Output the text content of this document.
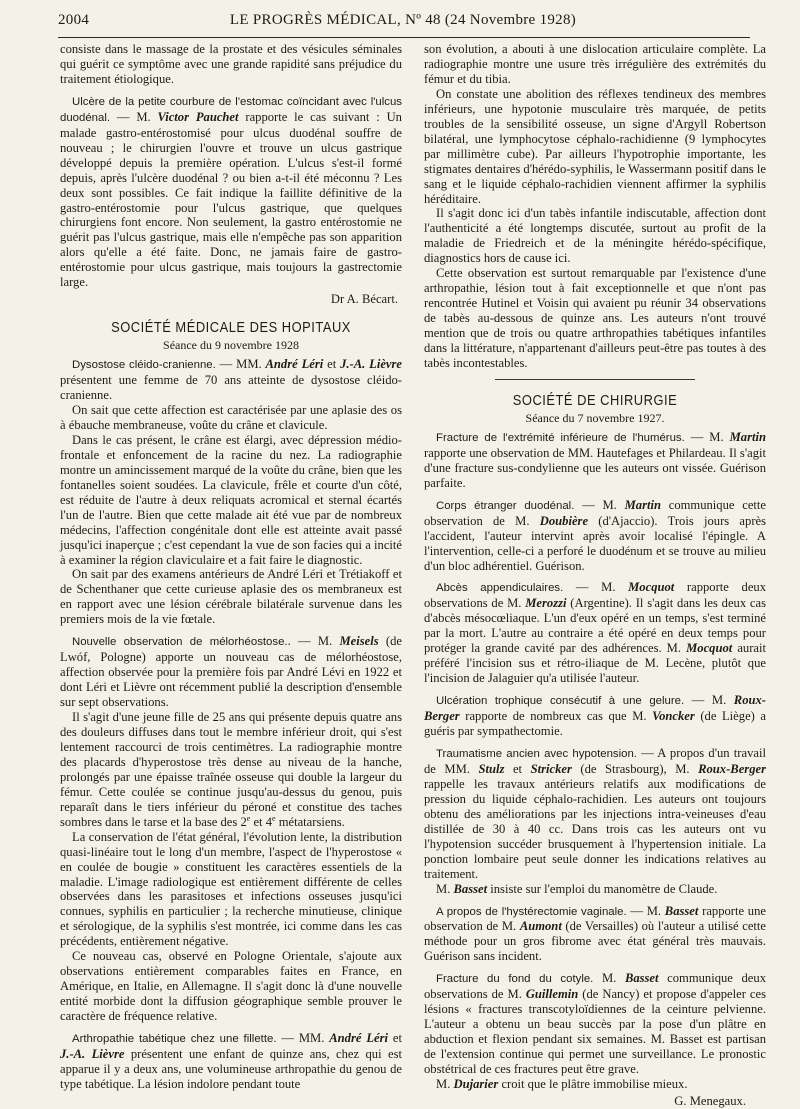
2004	LE PROGRÈS MÉDICAL, Nº 48 (24 Novembre 1928)

consiste dans le massage de la prostate et des vésicules séminales qui guérit ce symptôme avec une grande rapidité sans préjudice du traitement étiologique.

Ulcère de la petite courbure de l'estomac coïncidant avec l'ulcus duodénal. — M. Victor Pauchet rapporte le cas suivant : Un malade gastro-entérostomisé pour ulcus duodénal souffre de nouveau ; le chirurgien l'ouvre et trouve un ulcus gastrique développé depuis la première opération. L'ulcus s'est-il formé depuis, après l'ulcère duodénal ? ou bien a-t-il été méconnu ? Les deux sont possibles. Ce fait indique la faillite définitive de la gastro-entérostomie pour l'ulcus gastrique, que quelques chirurgiens font encore. Non seulement, la gastro entérostomie ne guérit pas l'ulcus gastrique, mais elle n'empêche pas son apparition alors qu'elle a été faite. Donc, ne jamais faire de gastro-entérostomie pour ulcus gastrique, mais toujours la gastrectomie large.

Dr A. Bécart.
SOCIÉTÉ MÉDICALE DES HOPITAUX
Séance du 9 novembre 1928

Dysostose cléido-cranienne. — MM. André Léri et J.-A. Lièvre présentent une femme de 70 ans atteinte de dysostose cléido-cranienne.

On sait que cette affection est caractérisée par une aplasie des os à ébauche membraneuse, voûte du crâne et clavicule.

Dans le cas présent, le crâne est élargi, avec dépression médio-frontale et enfoncement de la racine du nez. La radiographie montre un amincissement marqué de la voûte du crâne, bien que les fontanelles soient soudées. La clavicule, frêle et courte d'un côté, est réduite de l'autre à deux reliquats acromical et sternal écartés l'un de l'autre. Bien que cette malade ait été vue par de nombreux médecins, l'affection congénitale dont elle est atteinte avait passé jusqu'ici inaperçue ; c'est cependant la vue de son facies qui a incité à examiner la région claviculaire et a fait faire le diagnostic.

On sait par des examens antérieurs de André Léri et Trétiakoff et de Schenthaner que cette curieuse aplasie des os membraneux est en rapport avec une lésion cérébrale bilatérale survenue dans les premiers mois de la vie fœtale.

Nouvelle observation de mélorhéostose.. — M. Meisels (de Lwóf, Pologne) apporte un nouveau cas de mélorhéostose, affection observée pour la première fois par André Lévi en 1922 et dont Léri et Lièvre ont récemment publié la description d'ensemble sur sept observations.

Il s'agit d'une jeune fille de 25 ans qui présente depuis quatre ans des douleurs diffuses dans tout le membre inférieur droit, qui s'est lentement raccourci de trois centimètres. La radiographie montre des placards d'hyperostose très dense au niveau de la hanche, prolongés par une épaisse traînée osseuse qui double la largeur du fémur. Cette coulée se continue jusqu'au-dessus du genou, puis reparaît dans le tiers inférieur du péroné et constitue des taches sombres dans le tarse et la base des 2e et 4e métatarsiens.

La conservation de l'état général, l'évolution lente, la distribution quasi-linéaire tout le long d'un membre, l'aspect de l'hyperostose « en coulée de bougie » constituent les caractères essentiels de la maladie. L'image radiologique est entièrement différente de celles observées dans les parasitoses et infections osseuses jusqu'ici connues, syphilis en particulier ; la recherche minutieuse, clinique et sérologique, de la syphilis s'est montrée, ici comme dans les cas précédents, entièrement négative.

Ce nouveau cas, observé en Pologne Orientale, s'ajoute aux observations entièrement comparables faites en France, en Amérique, en Italie, en Allemagne. Il s'agit donc là d'une nouvelle entité morbide dont la diffusion géographique semble prouver le caractère de fréquence relative.

Arthropathie tabétique chez une fillette. — MM. André Léri et J.-A. Lièvre présentent une enfant de quinze ans, chez qui est apparue il y a deux ans, une volumineuse arthropathie du genou de type tabétique. La lésion indolore pendant toute

son évolution, a abouti à une dislocation articulaire complète. La radiographie montre une usure très irrégulière des extrémités du fémur et du tibia.

On constate une abolition des réflexes tendineux des membres inférieurs, une hypotonie musculaire très marquée, de petits troubles de la sensibilité osseuse, un signe d'Argyll Robertson bilatéral, une lymphocytose céphalo-rachidienne (9 lymphocytes par millimètre cube). Par ailleurs l'hypotrophie importante, les stigmates dentaires d'hérédo-syphilis, le Wassermann positif dans le sang et le liquide céphalo-rachidien viennent affirmer la syphilis héréditaire.

Il s'agit donc ici d'un tabès infantile indiscutable, affection dont l'authenticité a été longtemps discutée, surtout au profit de la maladie de Friedreich et de la méningite hérédo-spécifique, diagnostics hors de cause ici.

Cette observation est surtout remarquable par l'existence d'une arthropathie, lésion tout à fait exceptionnelle et que n'ont pas rencontrée Hutinel et Voisin qui avaient pu réunir 34 observations de tabès au-dessous de quinze ans. Les auteurs n'ont trouvé mention que de trois ou quatre arthropathies tabétiques infantiles dans la littérature, n'appartenant d'ailleurs peut-être pas toutes à des tabès incontestables.

SOCIÉTÉ DE CHIRURGIE
Séance du 7 novembre 1927.

Fracture de l'extrémité inférieure de l'humérus. — M. Martin rapporte une observation de MM. Hautefages et Philardeau. Il s'agit d'une fracture sus-condylienne que les auteurs ont vissée. Guérison parfaite.

Corps étranger duodénal. — M. Martin communique cette observation de M. Doubière (d'Ajaccio). Trois jours après l'accident, l'auteur intervint après avoir localisé l'épingle. A l'intervention, celle-ci a perforé le duodénum et se trouve au milieu d'un bloc adhérentiel. Guérison.

Abcès appendiculaires. — M. Mocquot rapporte deux observations de M. Merozzi (Argentine). Il s'agit dans les deux cas d'abcès mésocœliaque. L'un d'eux opéré en un temps, s'est terminé par la mort. L'autre au contraire a été opéré en deux temps pour protéger la grande cavité par des adhérences. M. Mocquot aurait préféré l'incision sus et rétro-iliaque de M. Lecène, plutôt que l'incision de Jalaguier qu'a utilisée l'auteur.

Ulcération trophique consécutif à une gelure. — M. Roux-Berger rapporte de nombreux cas que M. Voncker (de Liège) a guéris par sympathectomie.

Traumatisme ancien avec hypotension. — A propos d'un travail de MM. Stulz et Stricker (de Strasbourg), M. Roux-Berger rappelle les travaux antérieurs relatifs aux modifications de pression du liquide céphalo-rachidien. Les auteurs ont toujours obtenu des améliorations par les injections intra-veineuses d'eau distillée de 30 à 40 cc. Dans trois cas les auteurs ont vu l'hypotension succéder brusquement à l'hypertension initiale. La ponction lombaire peut seule donner les indications relatives au traitement.

M. Basset insiste sur l'emploi du manomètre de Claude.

A propos de l'hystérectomie vaginale. — M. Basset rapporte une observation de M. Aumont (de Versailles) où l'auteur a utilisé cette méthode pour un gros fibrome avec état général très mauvais. Guérison sans incident.

Fracture du fond du cotyle. M. Basset communique deux observations de M. Guillemin (de Nancy) et propose d'appeler ces lésions « fractures transcotyloïdiennes de la ceinture pelvienne. L'auteur a obtenu un beau succès par la pose d'un plâtre en abduction et flexion pendant six semaines. M. Basset est partisan de l'extension continue qui permet une surveillance. Le pronostic obstétrical de ces fractures peut être grave.

M. Dujarier croit que le plâtre immobilise mieux.

G. Menegaux.
